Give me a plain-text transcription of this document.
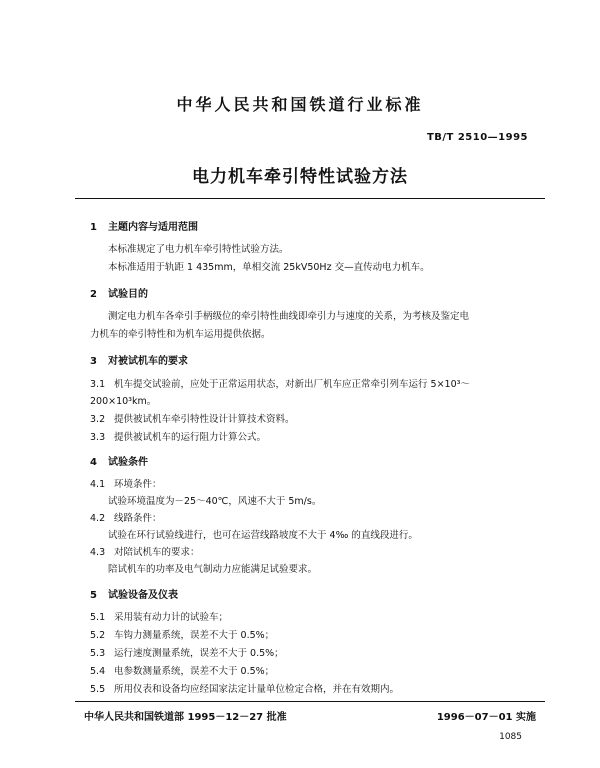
中华人民共和国铁道行业标准
TB/T 2510—1995
电力机车牵引特性试验方法
1 主题内容与适用范围
本标准规定了电力机车牵引特性试验方法。
本标准适用于轨距 1 435mm，单相交流 25kV50Hz 交—直传动电力机车。
2 试验目的
测定电力机车各牵引手柄级位的牵引特性曲线即牵引力与速度的关系，为考核及鉴定电
力机车的牵引特性和为机车运用提供依据。
3 对被试机车的要求
3.1 机车提交试验前，应处于正常运用状态，对新出厂机车应正常牵引列车运行 5×10³～
200×10³km。
3.2 提供被试机车牵引特性设计计算技术资料。
3.3 提供被试机车的运行阻力计算公式。
4 试验条件
4.1 环境条件：
试验环境温度为－25～40℃，风速不大于 5m/s。
4.2 线路条件：
试验在环行试验线进行，也可在运营线路坡度不大于 4‰ 的直线段进行。
4.3 对陪试机车的要求：
陪试机车的功率及电气制动力应能满足试验要求。
5 试验设备及仪表
5.1 采用装有动力计的试验车；
5.2 车钩力测量系统，误差不大于 0.5%；
5.3 运行速度测量系统，误差不大于 0.5%；
5.4 电参数测量系统，误差不大于 0.5%；
5.5 所用仪表和设备均应经国家法定计量单位检定合格，并在有效期内。
中华人民共和国铁道部 1995－12－27 批准	1996－07－01 实施
1085
